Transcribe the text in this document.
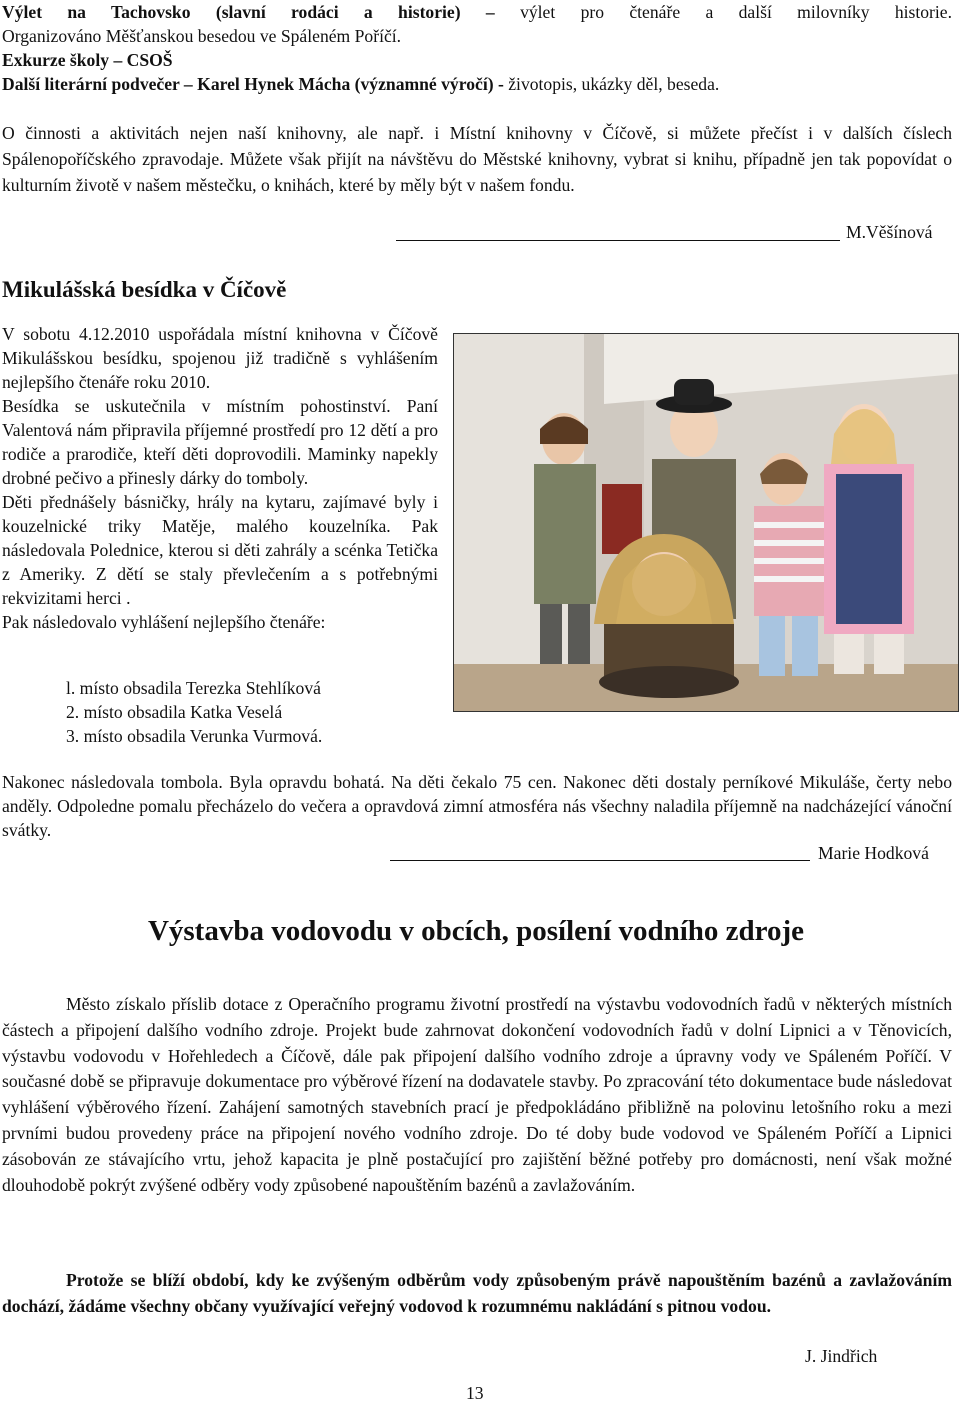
Výlet na Tachovsko (slavní rodáci a historie) – výlet pro čtenáře a další milovníky historie.

Organizováno Měšťanskou besedou ve Spáleném Poříčí.

Exkurze školy – CSOŠ

Další literární podvečer – Karel Hynek Mácha (významné výročí) - životopis, ukázky děl, beseda.

O činnosti a aktivitách nejen naší knihovny, ale např. i Místní knihovny v Číčově, si můžete přečíst i v dalších číslech Spálenopoříčského zpravodaje. Můžete však přijít na návštěvu do Městské knihovny, vybrat si knihu, případně jen tak popovídat o kulturním životě v našem městečku, o knihách, které by měly být v našem fondu.

M.Věšínová
Mikulášská besídka v Číčově

V sobotu 4.12.2010 uspořádala místní knihovna v Číčově Mikulášskou besídku, spojenou již tradičně s vyhlášením nejlepšího čtenáře roku 2010.

Besídka se uskutečnila v místním pohostinství. Paní Valentová nám připravila příjemné prostředí pro 12 dětí a pro rodiče a prarodiče, kteří děti doprovodili. Maminky napekly drobné pečivo a přinesly dárky do tomboly.

Děti přednášely básničky, hrály na kytaru, zajímavé byly i kouzelnické triky Matěje, malého kouzelníka. Pak následovala Polednice, kterou si děti zahrály a scénka Tetička z Ameriky. Z dětí se staly převlečením a s potřebnými rekvizitami herci .

Pak následovalo vyhlášení nejlepšího čtenáře:

l. místo obsadila Terezka Stehlíková
2. místo obsadila Katka Veselá
3. místo obsadila Verunka Vurmová.

Nakonec následovala tombola. Byla opravdu bohatá. Na děti čekalo 75 cen. Nakonec děti dostaly perníkové Mikuláše, čerty nebo anděly. Odpoledne pomalu přecházelo do večera a opravdová zimní atmosféra nás všechny naladila příjemně na nadcházející vánoční svátky.

Marie Hodková
Výstavba vodovodu v obcích, posílení vodního zdroje

Město získalo příslib dotace z Operačního programu životní prostředí na výstavbu vodovodních řadů v některých místních částech a připojení dalšího vodního zdroje. Projekt bude zahrnovat dokončení vodovodních řadů v dolní Lipnici a v Těnovicích, výstavbu vodovodu v Hořehledech a Číčově, dále pak připojení dalšího vodního zdroje a úpravny vody ve Spáleném Poříčí. V současné době se připravuje dokumentace pro výběrové řízení na dodavatele stavby. Po zpracování této dokumentace bude následovat vyhlášení výběrového řízení. Zahájení samotných stavebních prací je předpokládáno přibližně na polovinu letošního roku a mezi prvními budou provedeny práce na připojení nového vodního zdroje. Do té doby bude vodovod ve Spáleném Poříčí a Lipnici zásobován ze stávajícího vrtu, jehož kapacita je plně postačující pro zajištění běžné potřeby pro domácnosti, není však možné dlouhodobě pokrýt zvýšené odběry vody způsobené napouštěním bazénů a zavlažováním.

Protože se blíží období, kdy ke zvýšeným odběrům vody způsobeným právě napouštěním bazénů a zavlažováním dochází, žádáme všechny občany využívající veřejný vodovod k rozumnému nakládání s pitnou vodou.

J. Jindřich
13
